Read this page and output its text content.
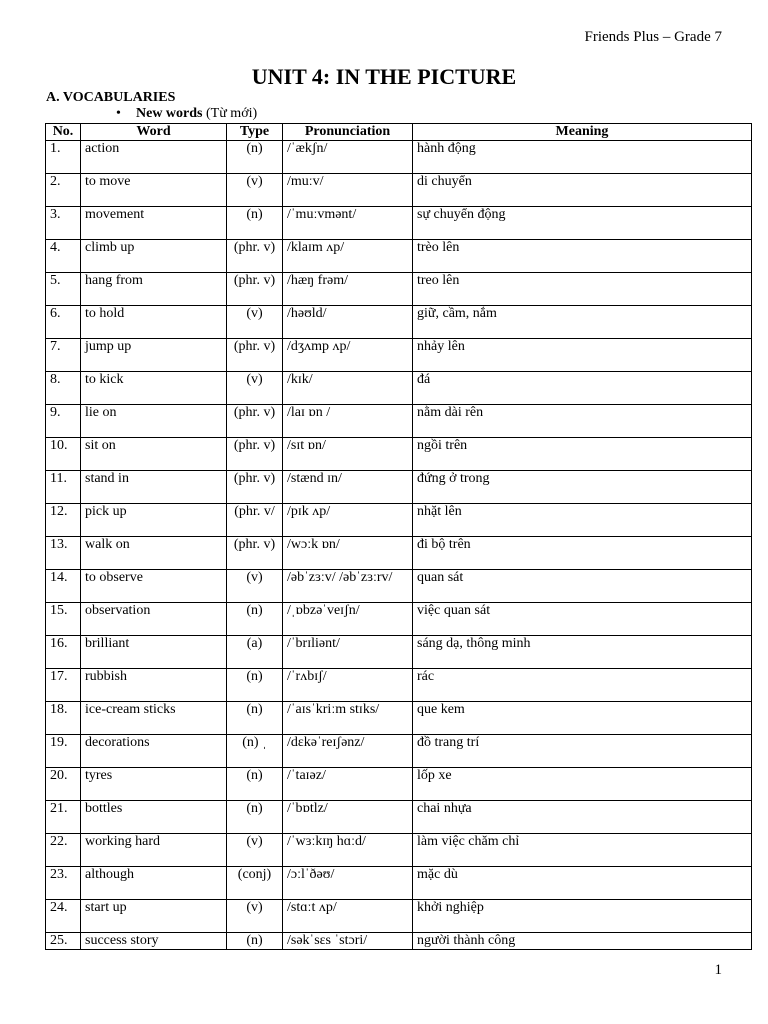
Friends Plus – Grade 7
UNIT 4: IN THE PICTURE
A. VOCABULARIES
• New words (Từ mới)
No.	Word	Type	Pronunciation	Meaning
1.	action	(n)	/ˈækʃn/	hành động
2.	to move	(v)	/muːv/	di chuyển
3.	movement	(n)	/ˈmuːvmənt/	sự chuyển động
4.	climb up	(phr. v)	/klaɪm ʌp/	trèo lên
5.	hang from	(phr. v)	/hæŋ frəm/	treo lên
6.	to hold	(v)	/həʊld/	giữ, cầm, nắm
7.	jump up	(phr. v)	/dʒʌmp ʌp/	nhảy lên
8.	to kick	(v)	/kɪk/	đá
9.	lie on	(phr. v)	/laɪ ɒn /	nằm dài rên
10.	sit on	(phr. v)	/sɪt ɒn/	ngồi trên
11.	stand in	(phr. v)	/stænd ɪn/	đứng ở trong
12.	pick up	(phr. v/	/pɪk ʌp/	nhặt lên
13.	walk on	(phr. v)	/wɔːk ɒn/	đi bộ trên
14.	to observe	(v)	/əbˈzɜːv/ /əbˈzɜːrv/	quan sát
15.	observation	(n)	/ˌɒbzəˈveɪʃn/	việc quan sát
16.	brilliant	(a)	/ˈbrɪliənt/	sáng dạ, thông minh
17.	rubbish	(n)	/ˈrʌbɪʃ/	rác
18.	ice-cream sticks	(n)	/ˈaɪsˈkriːm stɪks/	que kem
19.	decorations	(n) ˌ	/dɛkəˈreɪʃənz/	đồ trang trí
20.	tyres	(n)	/ˈtaɪəz/	lốp xe
21.	bottles	(n)	/ˈbɒtlz/	chai nhựa
22.	working hard	(v)	/ˈwɜːkɪŋ hɑːd/	làm việc chăm chỉ
23.	although	(conj)	/ɔːlˈðəʊ/	mặc dù
24.	start up	(v)	/stɑːt ʌp/	khởi nghiệp
25.	success story	(n)	/səkˈsɛs ˈstɔri/	người thành công
1
